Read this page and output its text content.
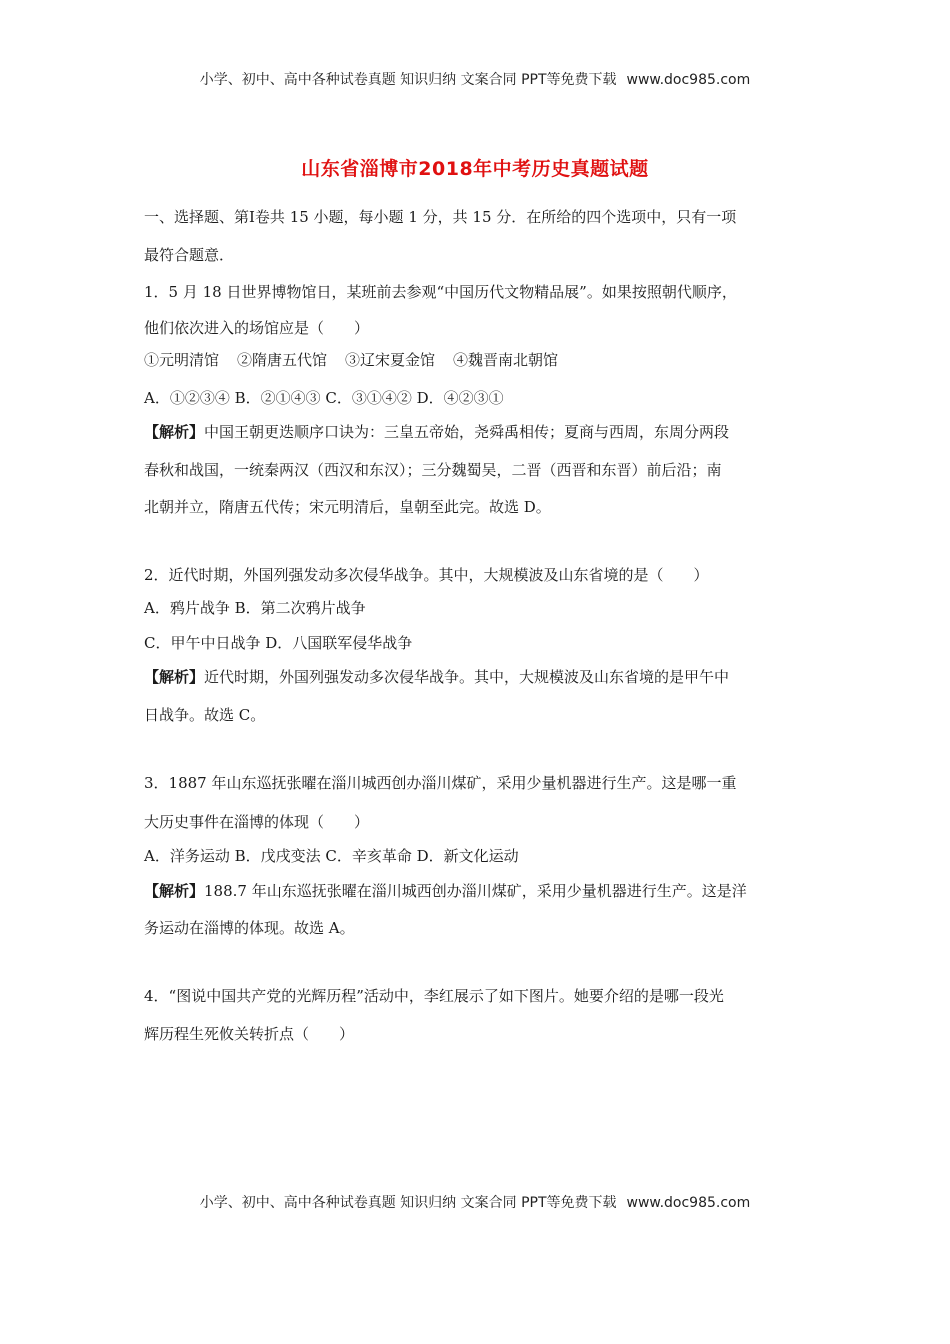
小学、初中、高中各种试卷真题 知识归纳 文案合同 PPT等免费下载 www.doc985.com
山东省淄博市2018年中考历史真题试题
一、选择题、第Ⅰ卷共 15 小题，每小题 1 分，共 15 分．在所给的四个选项中，只有一项
最符合题意．
1．5 月 18 日世界博物馆日，某班前去参观“中国历代文物精品展”。如果按照朝代顺序，
他们依次进入的场馆应是（　　）
①元明清馆 ②隋唐五代馆 ③辽宋夏金馆 ④魏晋南北朝馆
A．①②③④ B．②①④③ C．③①④② D．④②③①
【解析】中国王朝更迭顺序口诀为：三皇五帝始，尧舜禹相传；夏商与西周，东周分两段
春秋和战国，一统秦两汉（西汉和东汉）；三分魏蜀吴，二晋（西晋和东晋）前后沿；南
北朝并立，隋唐五代传；宋元明清后，皇朝至此完。故选 D。
2．近代时期，外国列强发动多次侵华战争。其中，大规模波及山东省境的是（　　）
A．鸦片战争 B．第二次鸦片战争
C．甲午中日战争 D．八国联军侵华战争
【解析】近代时期，外国列强发动多次侵华战争。其中，大规模波及山东省境的是甲午中
日战争。故选 C。
3．1887 年山东巡抚张曜在淄川城西创办淄川煤矿，采用少量机器进行生产。这是哪一重
大历史事件在淄博的体现（　　）
A．洋务运动 B．戊戌变法 C．辛亥革命 D．新文化运动
【解析】188.7 年山东巡抚张曜在淄川城西创办淄川煤矿，采用少量机器进行生产。这是洋
务运动在淄博的体现。故选 A。
4．“图说中国共产党的光辉历程”活动中，李红展示了如下图片。她要介绍的是哪一段光
辉历程生死攸关转折点（　　）
小学、初中、高中各种试卷真题 知识归纳 文案合同 PPT等免费下载 www.doc985.com
